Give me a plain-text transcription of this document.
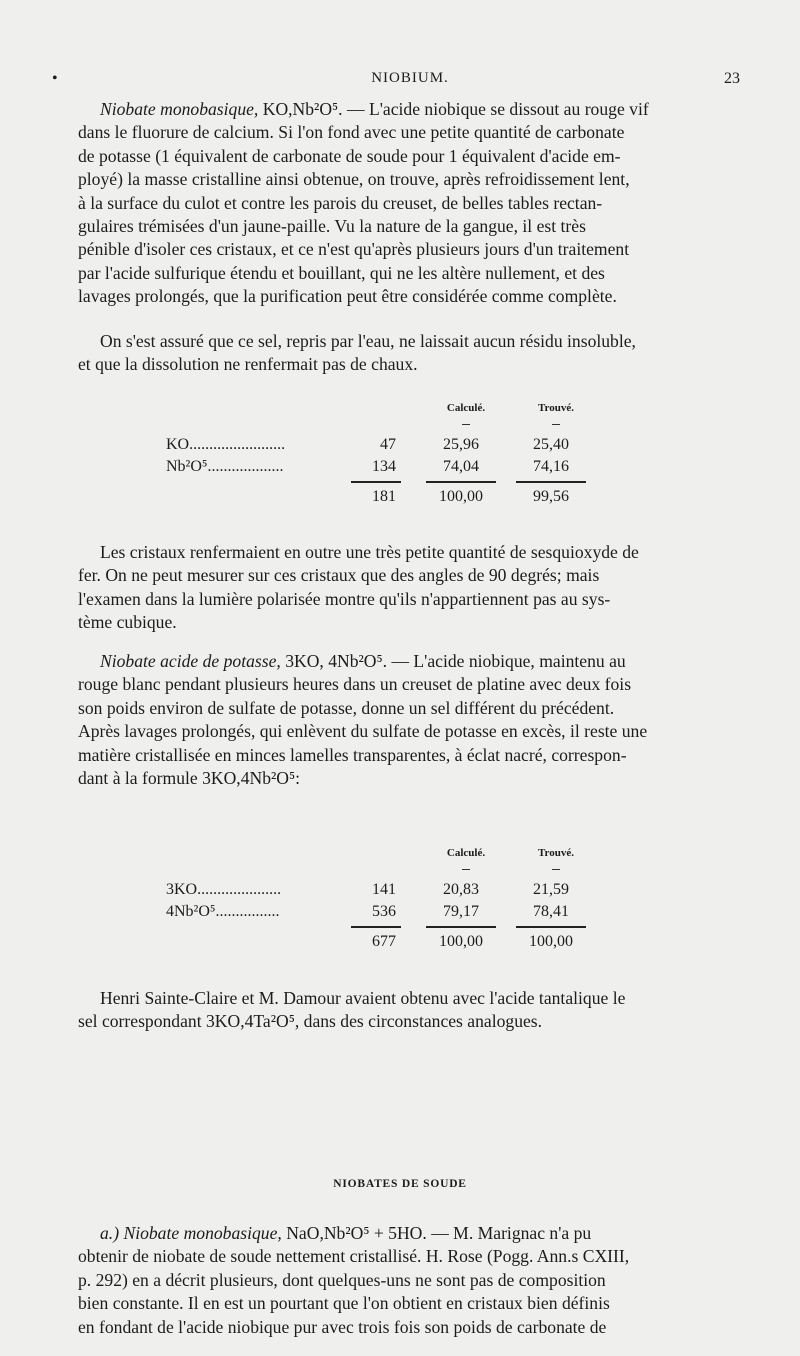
•	NIOBIUM.	23

Niobate monobasique, KO,Nb²O⁵. — L'acide niobique se dissout au rouge vif

dans le fluorure de calcium. Si l'on fond avec une petite quantité de carbonate

de potasse (1 équivalent de carbonate de soude pour 1 équivalent d'acide em-

ployé) la masse cristalline ainsi obtenue, on trouve, après refroidissement lent,

à la surface du culot et contre les parois du creuset, de belles tables rectan-

gulaires trémisées d'un jaune-paille. Vu la nature de la gangue, il est très

pénible d'isoler ces cristaux, et ce n'est qu'après plusieurs jours d'un traitement

par l'acide sulfurique étendu et bouillant, qui ne les altère nullement, et des

lavages prolongés, que la purification peut être considérée comme complète.

On s'est assuré que ce sel, repris par l'eau, ne laissait aucun résidu insoluble,

et que la dissolution ne renfermait pas de chaux.

Calculé.	Trouvé.
KO........................	47	25,96	25,40
Nb²O⁵...................	134	74,04	74,16
181	100,00	99,56

Les cristaux renfermaient en outre une très petite quantité de sesquioxyde de

fer. On ne peut mesurer sur ces cristaux que des angles de 90 degrés; mais

l'examen dans la lumière polarisée montre qu'ils n'appartiennent pas au sys-

tème cubique.

Niobate acide de potasse, 3KO, 4Nb²O⁵. — L'acide niobique, maintenu au

rouge blanc pendant plusieurs heures dans un creuset de platine avec deux fois

son poids environ de sulfate de potasse, donne un sel différent du précédent.

Après lavages prolongés, qui enlèvent du sulfate de potasse en excès, il reste une

matière cristallisée en minces lamelles transparentes, à éclat nacré, correspon-

dant à la formule 3KO,4Nb²O⁵:

Calculé.	Trouvé.
3KO.....................	141	20,83	21,59
4Nb²O⁵................	536	79,17	78,41
677	100,00	100,00

Henri Sainte-Claire et M. Damour avaient obtenu avec l'acide tantalique le

sel correspondant 3KO,4Ta²O⁵, dans des circonstances analogues.

NIOBATES DE SOUDE

a.) Niobate monobasique, NaO,Nb²O⁵ + 5HO. — M. Marignac n'a pu

obtenir de niobate de soude nettement cristallisé. H. Rose (Pogg. Ann.s CXIII,

p. 292) en a décrit plusieurs, dont quelques-uns ne sont pas de composition

bien constante. Il en est un pourtant que l'on obtient en cristaux bien définis

en fondant de l'acide niobique pur avec trois fois son poids de carbonate de
